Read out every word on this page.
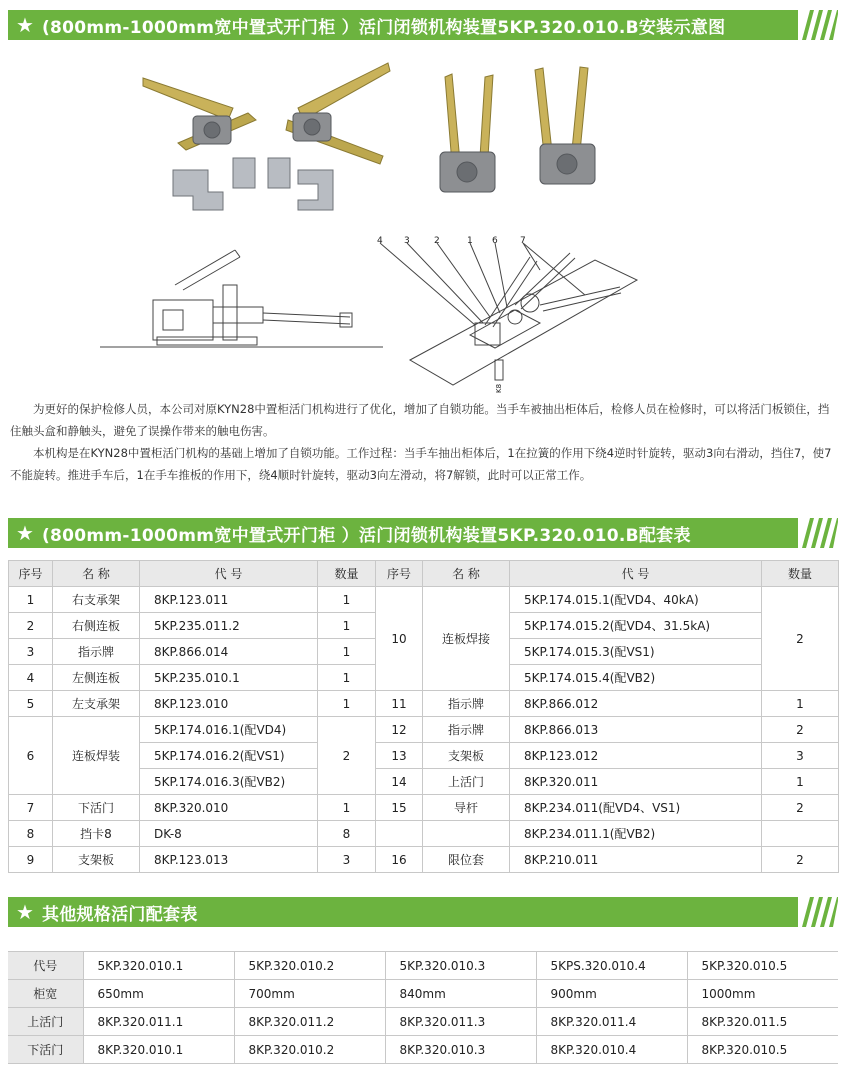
★ (800mm-1000mm宽中置式开门柜 ）活门闭锁机构装置5KP.320.010.B安装示意图
4 3	2	1 6 7
K8

为更好的保护检修人员，本公司对原KYN28中置柜活门机构进行了优化，增加了自锁功能。当手车被抽出柜体后，检修人员在检修时，可以将活门板锁住，挡住触头盒和静触头，避免了误操作带来的触电伤害。

本机构是在KYN28中置柜活门机构的基础上增加了自锁功能。工作过程：当手车抽出柜体后，1在拉簧的作用下绕4逆时针旋转，驱动3向右滑动，挡住7，使7不能旋转。推进手车后，1在手车推板的作用下，绕4顺时针旋转，驱动3向左滑动，将7解锁，此时可以正常工作。

★ (800mm-1000mm宽中置式开门柜 ）活门闭锁机构装置5KP.320.010.B配套表
序号	名 称	代 号	数量	序号	名 称	代 号	数量
1	右支承架	8KP.123.011	1	10	连板焊接	5KP.174.015.1(配VD4、40kA)	2
2	右侧连板	5KP.235.011.2	1			5KP.174.015.2(配VD4、31.5kA)	
3	指示牌	8KP.866.014	1			5KP.174.015.3(配VS1)	
4	左侧连板	5KP.235.010.1	1			5KP.174.015.4(配VB2)	
5	左支承架	8KP.123.010	1	11	指示牌	8KP.866.012	1
6	连板焊装	5KP.174.016.1(配VD4)	2	12	指示牌	8KP.866.013	2
		5KP.174.016.2(配VS1)		13	支架板	8KP.123.012	3
		5KP.174.016.3(配VB2)		14	上活门	8KP.320.011	1
7	下活门	8KP.320.010	1	15	导杆	8KP.234.011(配VD4、VS1)	2
8	挡卡8	DK-8	8			8KP.234.011.1(配VB2)	
9	支架板	8KP.123.013	3	16	限位套	8KP.210.011	2
★ 其他规格活门配套表
代号	5KP.320.010.1	5KP.320.010.2	5KP.320.010.3	5KPS.320.010.4	5KP.320.010.5
柜宽	650mm	700mm	840mm	900mm	1000mm
上活门	8KP.320.011.1	8KP.320.011.2	8KP.320.011.3	8KP.320.011.4	8KP.320.011.5
下活门	8KP.320.010.1	8KP.320.010.2	8KP.320.010.3	8KP.320.010.4	8KP.320.010.5
